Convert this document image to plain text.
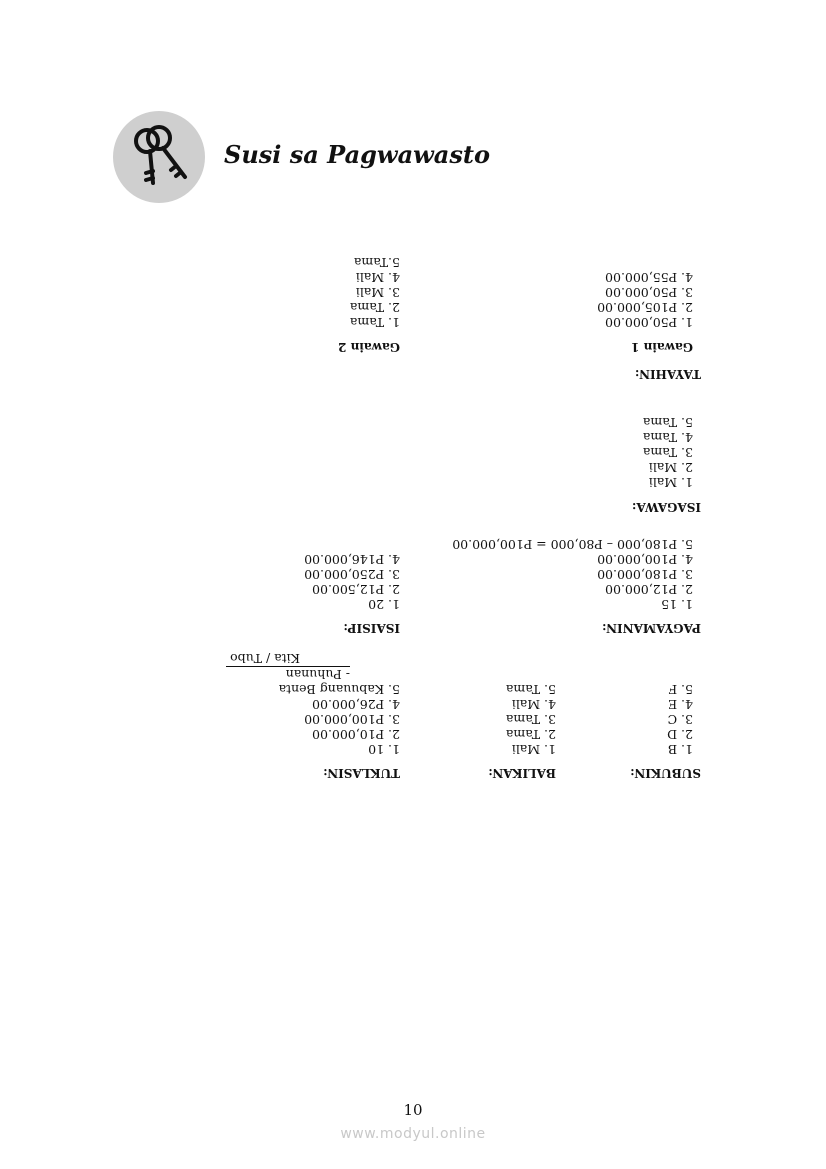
Susi sa Pagwawasto
SUBUKIN:
BALIKAN:
TUKLASIN:
1. B
2. D
3. C
4. E
5. F
1. Mali
2. Tama
3. Tama
4. Mali
5. Tama
1. 10
2. P10,000.00
3. P100,000.00
4. P26,000.00
5. Kabuuang Benta
- Puhunan
Kita / Tubo
PAGYAMANIN:
ISAISIP:
1. 15
2. P12,000.00
3. P180,000.00
4. P100,000.00
5. P180,000 – P80,000 = P100,000.00
1. 20
2. P12,500.00
3. P250,000.00
4. P146,000.00
ISAGAWA:
1. Mali
2. Mali
3. Tama
4. Tama
5. Tama
TAYAHIN:
Gawain 1
Gawain 2
1. P50,000.00
2. P105,000.00
3. P50,000.00
4. P55,000.00
1. Tama
2. Tama
3. Mali
4. Mali
5.Tama
10
www.modyul.online
